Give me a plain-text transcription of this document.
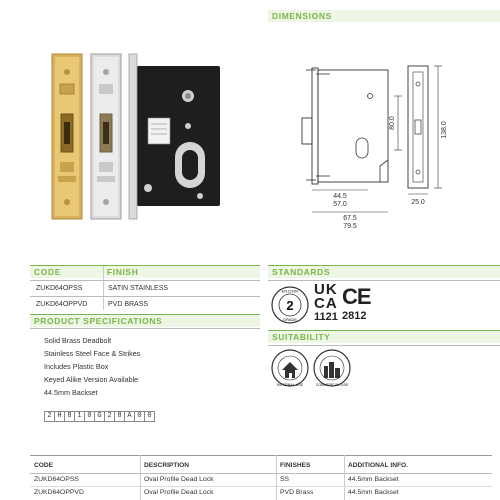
DIMENSIONS
80.0	138.0
44.5
57.0	25.0
67.5
79.5
CODE	FINISH
ZUKD64OPSS	SATIN STAINLESS
ZUKD64OPPVD	PVD BRASS
PRODUCT SPECIFICATIONS
Solid Brass Deadbolt
Stainless Steel Face & Strikes
Includes Plastic Box
Keyed Alike Version Available
44.5mm Backset
2 H 8 1 0 G 2 8 A 0 0
STANDARDS
2
EN12209
GRADE
UK
CA
1121
CE
2812
SUITABILITY
INTERNAL USE	COMMERCIAL USE
CODE	DESCRIPTION	FINISHES	ADDITIONAL INFO.
ZUKD64OPSS	Oval Profile Dead Lock	SS	44.5mm Backset
ZUKD64OPPVD	Oval Profile Dead Lock	PVD Brass	44.5mm Backset
